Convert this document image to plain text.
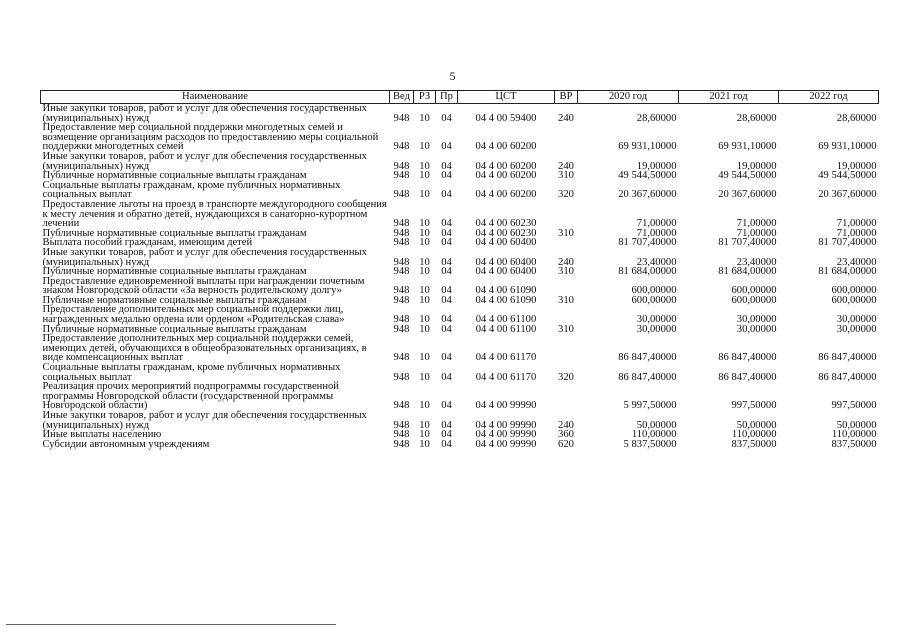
5
Наименование	Вед	РЗ	Пр	ЦСТ	ВР	2020 год	2021 год	2022 год
Иные закупки товаров, работ и услуг для обеспечения государственных (муниципальных) нужд	948	10	04	04 4 00 59400	240	28,60000	28,60000	28,60000
Предоставление мер социальной поддержки многодетных семей и возмещение организациям расходов по предоставлению меры социальной поддержки многодетных семей	948	10	04	04 4 00 60200		69 931,10000	69 931,10000	69 931,10000
Иные закупки товаров, работ и услуг для обеспечения государственных (муниципальных) нужд	948	10	04	04 4 00 60200	240	19,00000	19,00000	19,00000
Публичные нормативные социальные выплаты гражданам	948	10	04	04 4 00 60200	310	49 544,50000	49 544,50000	49 544,50000
Социальные выплаты гражданам, кроме публичных нормативных социальных выплат	948	10	04	04 4 00 60200	320	20 367,60000	20 367,60000	20 367,60000
Предоставление льготы на проезд в транспорте междугородного сообщения к месту лечения и обратно детей, нуждающихся в санаторно-курортном лечении	948	10	04	04 4 00 60230		71,00000	71,00000	71,00000
Публичные нормативные социальные выплаты гражданам	948	10	04	04 4 00 60230	310	71,00000	71,00000	71,00000
Выплата пособий гражданам, имеющим детей	948	10	04	04 4 00 60400		81 707,40000	81 707,40000	81 707,40000
Иные закупки товаров, работ и услуг для обеспечения государственных (муниципальных) нужд	948	10	04	04 4 00 60400	240	23,40000	23,40000	23,40000
Публичные нормативные социальные выплаты гражданам	948	10	04	04 4 00 60400	310	81 684,00000	81 684,00000	81 684,00000
Предоставление единовременной выплаты при награждении почетным знаком Новгородской области «За верность родительскому долгу»	948	10	04	04 4 00 61090		600,00000	600,00000	600,00000
Публичные нормативные социальные выплаты гражданам	948	10	04	04 4 00 61090	310	600,00000	600,00000	600,00000
Предоставление дополнительных мер социальной поддержки лиц, награжденных медалью ордена или орденом «Родительская слава»	948	10	04	04 4 00 61100		30,00000	30,00000	30,00000
Публичные нормативные социальные выплаты гражданам	948	10	04	04 4 00 61100	310	30,00000	30,00000	30,00000
Предоставление дополнительных мер социальной поддержки семей, имеющих детей, обучающихся в общеобразовательных организациях, в виде компенсационных выплат	948	10	04	04 4 00 61170		86 847,40000	86 847,40000	86 847,40000
Социальные выплаты гражданам, кроме публичных нормативных социальных выплат	948	10	04	04 4 00 61170	320	86 847,40000	86 847,40000	86 847,40000
Реализация прочих мероприятий подпрограммы государственной программы Новгородской области (государственной программы Новгородской области)	948	10	04	04 4 00 99990		5 997,50000	997,50000	997,50000
Иные закупки товаров, работ и услуг для обеспечения государственных (муниципальных) нужд	948	10	04	04 4 00 99990	240	50,00000	50,00000	50,00000
Иные выплаты населению	948	10	04	04 4 00 99990	360	110,00000	110,00000	110,00000
Субсидии автономным учреждениям	948	10	04	04 4 00 99990	620	5 837,50000	837,50000	837,50000
